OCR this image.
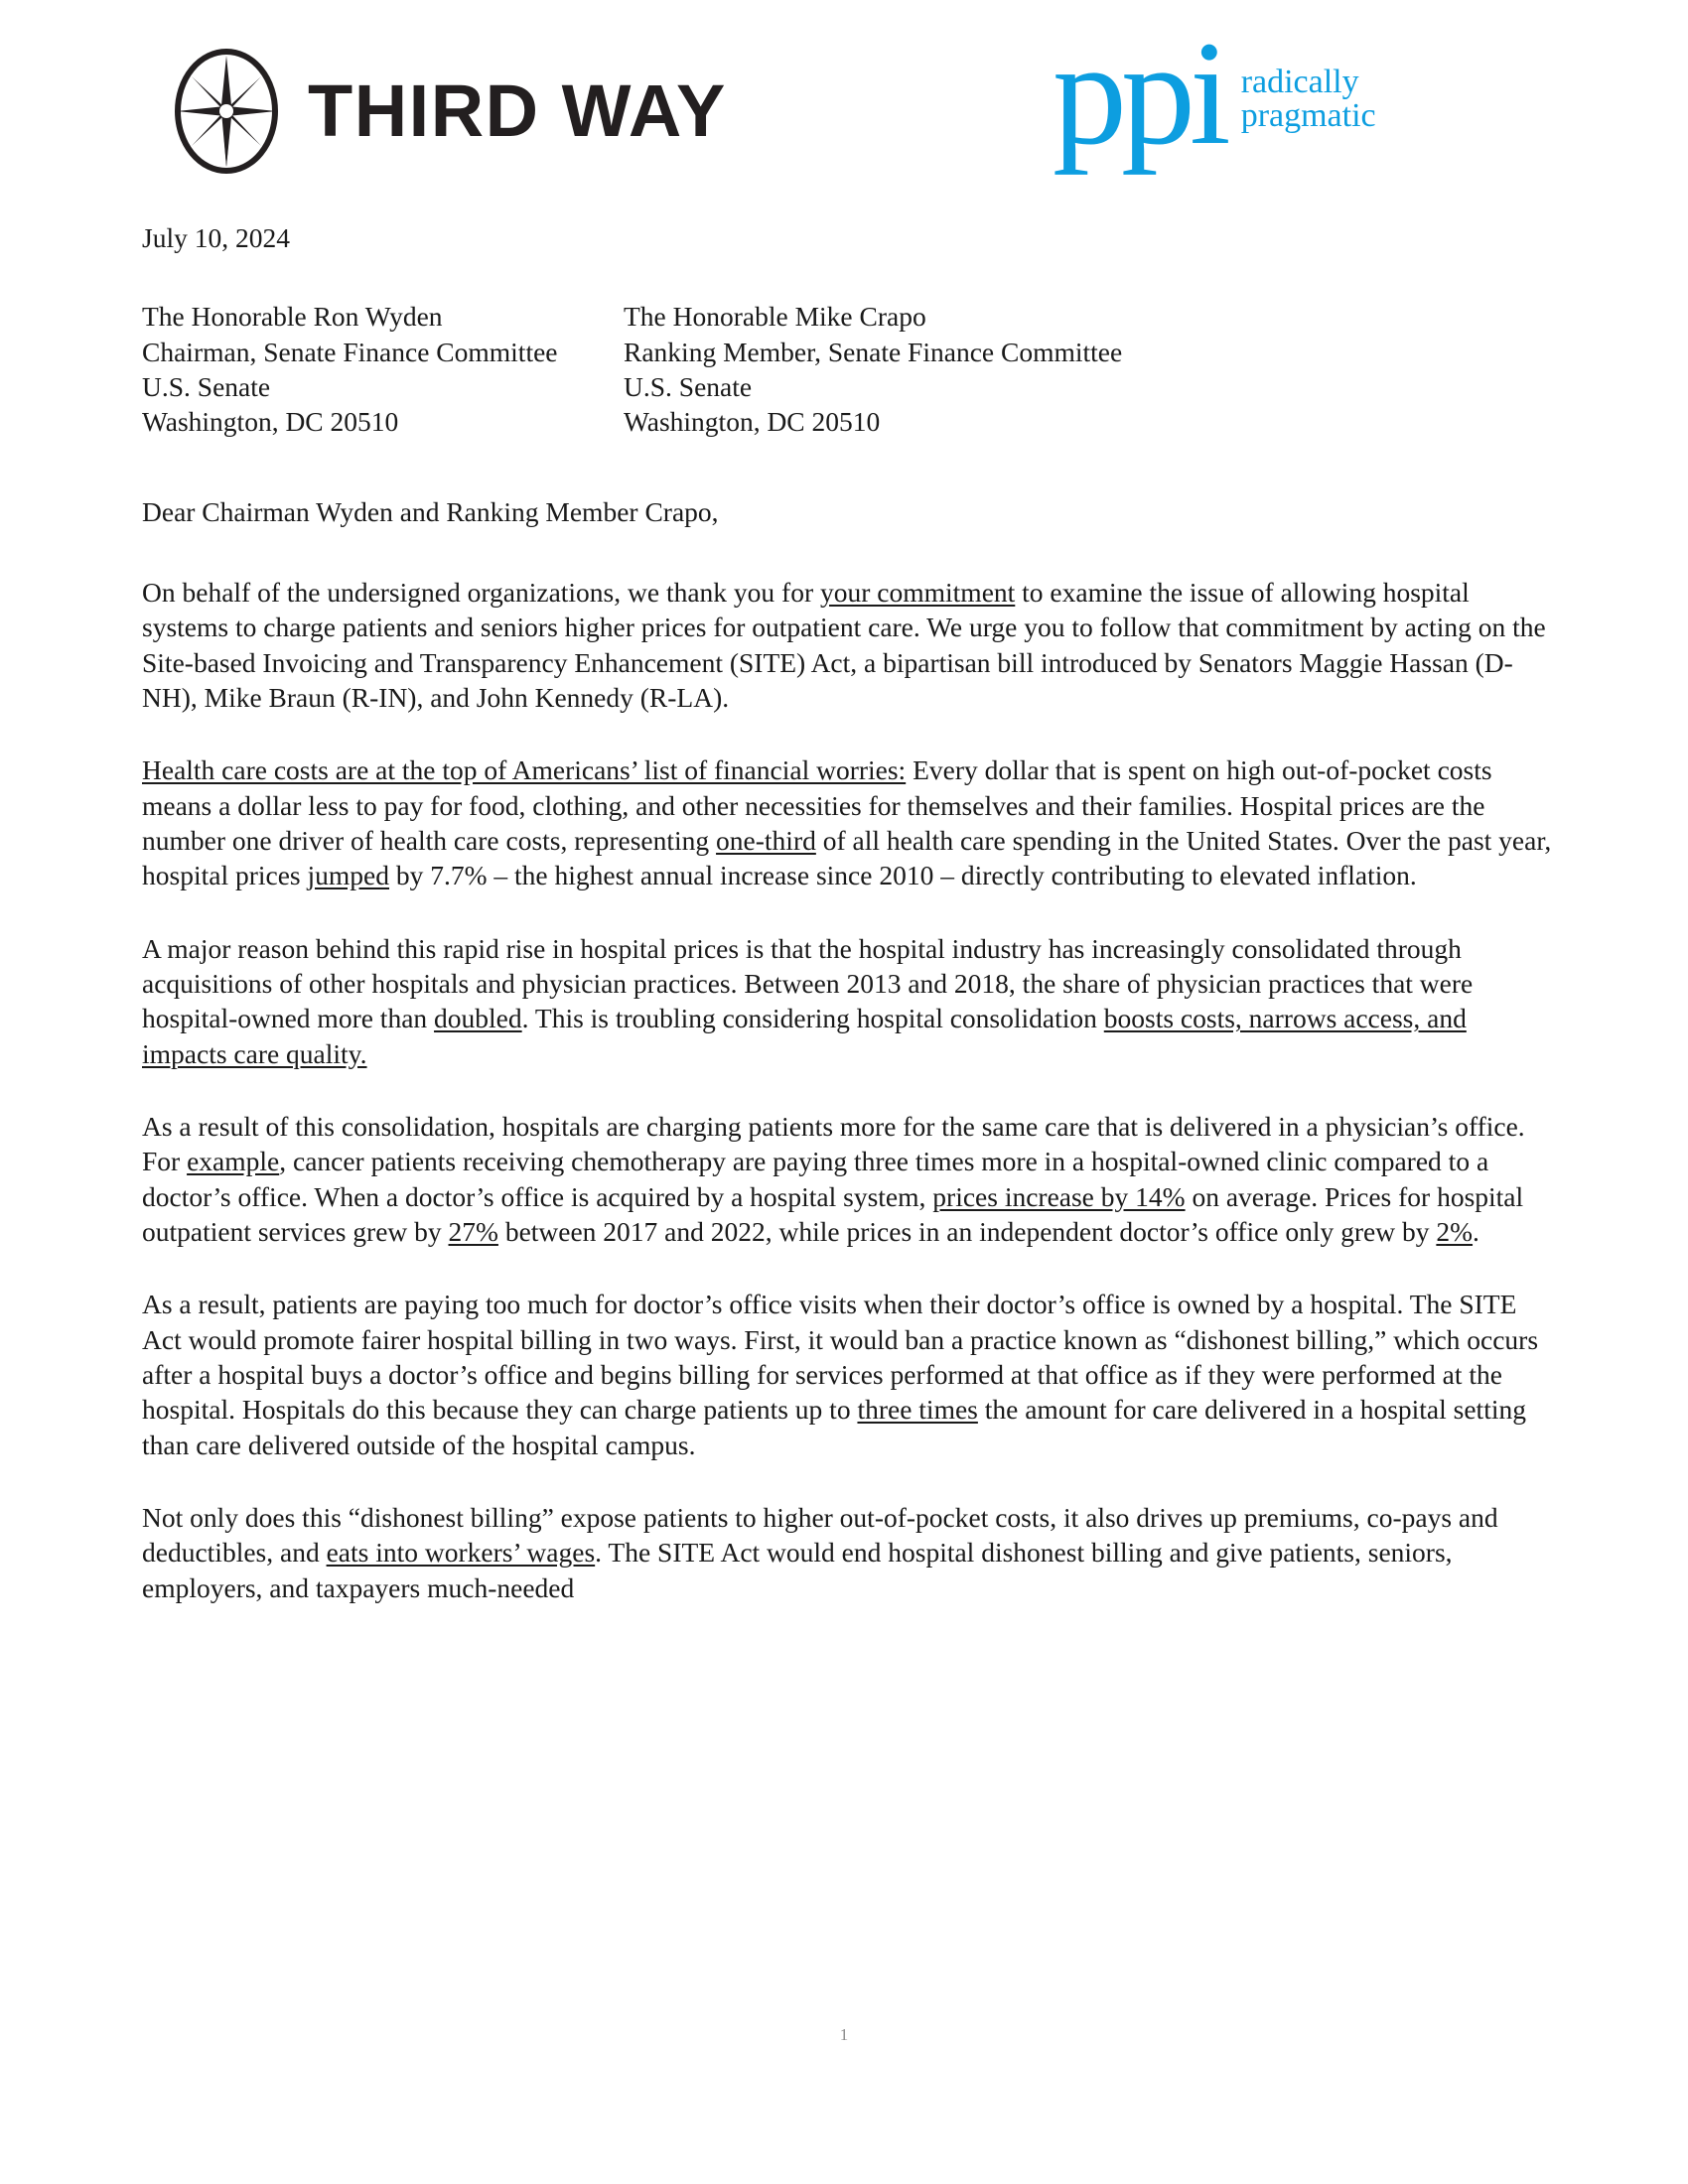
THIRD WAY ppi radically
pragmatic
July 10, 2024
The Honorable Ron Wyden
Chairman, Senate Finance Committee
U.S. Senate
Washington, DC 20510
The Honorable Mike Crapo
Ranking Member, Senate Finance Committee
U.S. Senate
Washington, DC 20510
Dear Chairman Wyden and Ranking Member Crapo,

On behalf of the undersigned organizations, we thank you for your commitment to examine the issue of allowing hospital systems to charge patients and seniors higher prices for outpatient care. We urge you to follow that commitment by acting on the Site-based Invoicing and Transparency Enhancement (SITE) Act, a bipartisan bill introduced by Senators Maggie Hassan (D-NH), Mike Braun (R-IN), and John Kennedy (R-LA).

Health care costs are at the top of Americans’ list of financial worries: Every dollar that is spent on high out-of-pocket costs means a dollar less to pay for food, clothing, and other necessities for themselves and their families. Hospital prices are the number one driver of health care costs, representing one-third of all health care spending in the United States. Over the past year, hospital prices jumped by 7.7% – the highest annual increase since 2010 – directly contributing to elevated inflation.

A major reason behind this rapid rise in hospital prices is that the hospital industry has increasingly consolidated through acquisitions of other hospitals and physician practices. Between 2013 and 2018, the share of physician practices that were hospital-owned more than doubled. This is troubling considering hospital consolidation boosts costs, narrows access, and impacts care quality.

As a result of this consolidation, hospitals are charging patients more for the same care that is delivered in a physician’s office. For example, cancer patients receiving chemotherapy are paying three times more in a hospital-owned clinic compared to a doctor’s office. When a doctor’s office is acquired by a hospital system, prices increase by 14% on average. Prices for hospital outpatient services grew by 27% between 2017 and 2022, while prices in an independent doctor’s office only grew by 2%.

As a result, patients are paying too much for doctor’s office visits when their doctor’s office is owned by a hospital. The SITE Act would promote fairer hospital billing in two ways. First, it would ban a practice known as “dishonest billing,” which occurs after a hospital buys a doctor’s office and begins billing for services performed at that office as if they were performed at the hospital. Hospitals do this because they can charge patients up to three times the amount for care delivered in a hospital setting than care delivered outside of the hospital campus.

Not only does this “dishonest billing” expose patients to higher out-of-pocket costs, it also drives up premiums, co-pays and deductibles, and eats into workers’ wages. The SITE Act would end hospital dishonest billing and give patients, seniors, employers, and taxpayers much-needed

1
